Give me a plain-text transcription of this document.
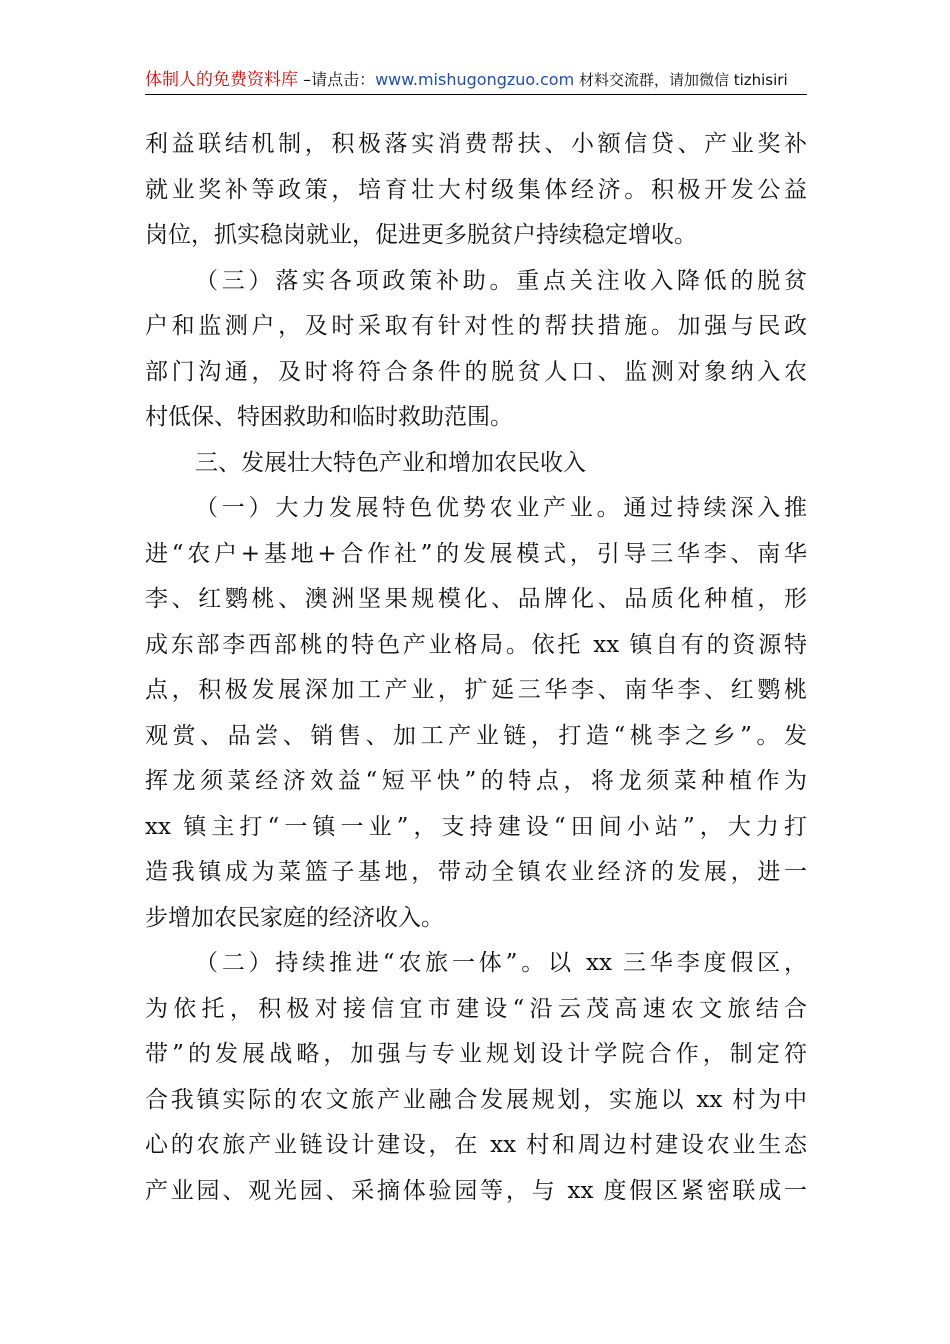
体制人的免费资料库 –请点击：www.mishugongzuo.com 材料交流群，请加微信 tizhisiri
利益联结机制，积极落实消费帮扶、小额信贷、产业奖补
就业奖补等政策，培育壮大村级集体经济。积极开发公益
岗位，抓实稳岗就业，促进更多脱贫户持续稳定增收。
（三）落实各项政策补助。重点关注收入降低的脱贫
户和监测户，及时采取有针对性的帮扶措施。加强与民政
部门沟通，及时将符合条件的脱贫人口、监测对象纳入农
村低保、特困救助和临时救助范围。
三、发展壮大特色产业和增加农民收入
（一）大力发展特色优势农业产业。通过持续深入推
进“农户+基地+合作社”的发展模式，引导三华李、南华
李、红鹦桃、澳洲坚果规模化、品牌化、品质化种植，形
成东部李西部桃的特色产业格局。依托 xx 镇自有的资源特
点，积极发展深加工产业，扩延三华李、南华李、红鹦桃
观赏、品尝、销售、加工产业链，打造“桃李之乡”。发
挥龙须菜经济效益“短平快”的特点，将龙须菜种植作为
xx 镇主打“一镇一业”，支持建设“田间小站”，大力打
造我镇成为菜篮子基地，带动全镇农业经济的发展，进一
步增加农民家庭的经济收入。
（二）持续推进“农旅一体”。以 xx 三华李度假区，
为依托，积极对接信宜市建设“沿云茂高速农文旅结合
带”的发展战略，加强与专业规划设计学院合作，制定符
合我镇实际的农文旅产业融合发展规划，实施以 xx 村为中
心的农旅产业链设计建设，在 xx 村和周边村建设农业生态
产业园、观光园、采摘体验园等，与 xx 度假区紧密联成一
